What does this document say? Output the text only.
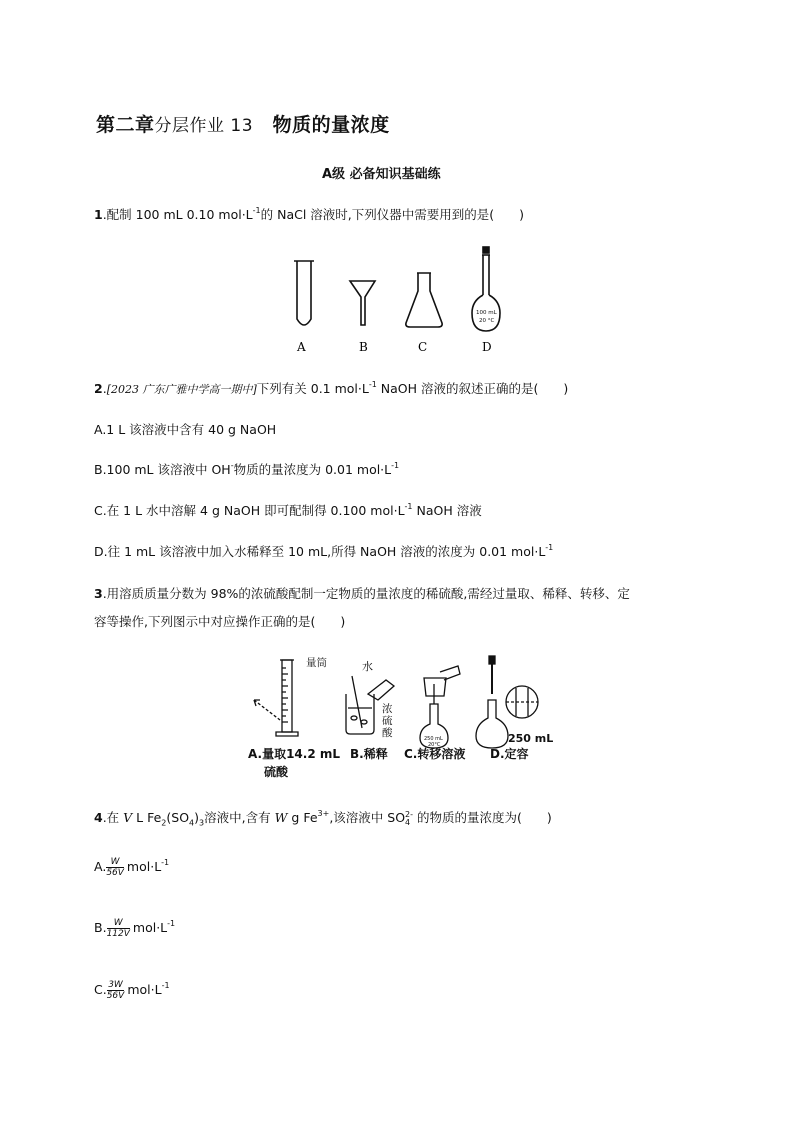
第二章分层作业 13　 物质的量浓度
A级 必备知识基础练
1.配制 100 mL 0.10 $mol\cdot L^{-1}$的 NaCl 溶液时,下列仪器中需要用到的是(　　)
100 mL
20 °C
A	B	C	D
2.[2023 广东广雅中学高一期中]下列有关 0.1 $mol\cdot L^{-1}$ NaOH 溶液的叙述正确的是(　　)
A.1 L 该溶液中含有 40 g NaOH
B.100 mL 该溶液中 OH-物质的量浓度为 0.01 $mol\cdot L^{-1}$
C.在 1 L 水中溶解 4 g NaOH 即可配制得 0.100 $mol\cdot L^{-1}$ NaOH 溶液
D.往 1 mL 该溶液中加入水稀释至 10 mL,所得 NaOH 溶液的浓度为 0.01 $mol\cdot L^{-1}$
3.用溶质质量分数为 98%的浓硫酸配制一定物质的量浓度的稀硫酸,需经过量取、稀释、转移、定
容等操作,下列图示中对应操作正确的是(　　)
量筒	水
浓
硫
酸	250 mL
20°C	250 mL
A.量取14.2 mL
硫酸
B.稀释 C.转移溶液 D.定容
4.在 V L $Fe_2(SO_4)_3$溶液中,含有 W g $Fe^{3+}$,该溶液中 SO 2-
4 的物质的量浓度为(　　)
A. $\frac{W}{56V} mol\cdot L^{-1}$
B. $\frac{W}{112V} mol\cdot L^{-1}$
C. $\frac{3W}{56V} mol\cdot L^{-1}$
